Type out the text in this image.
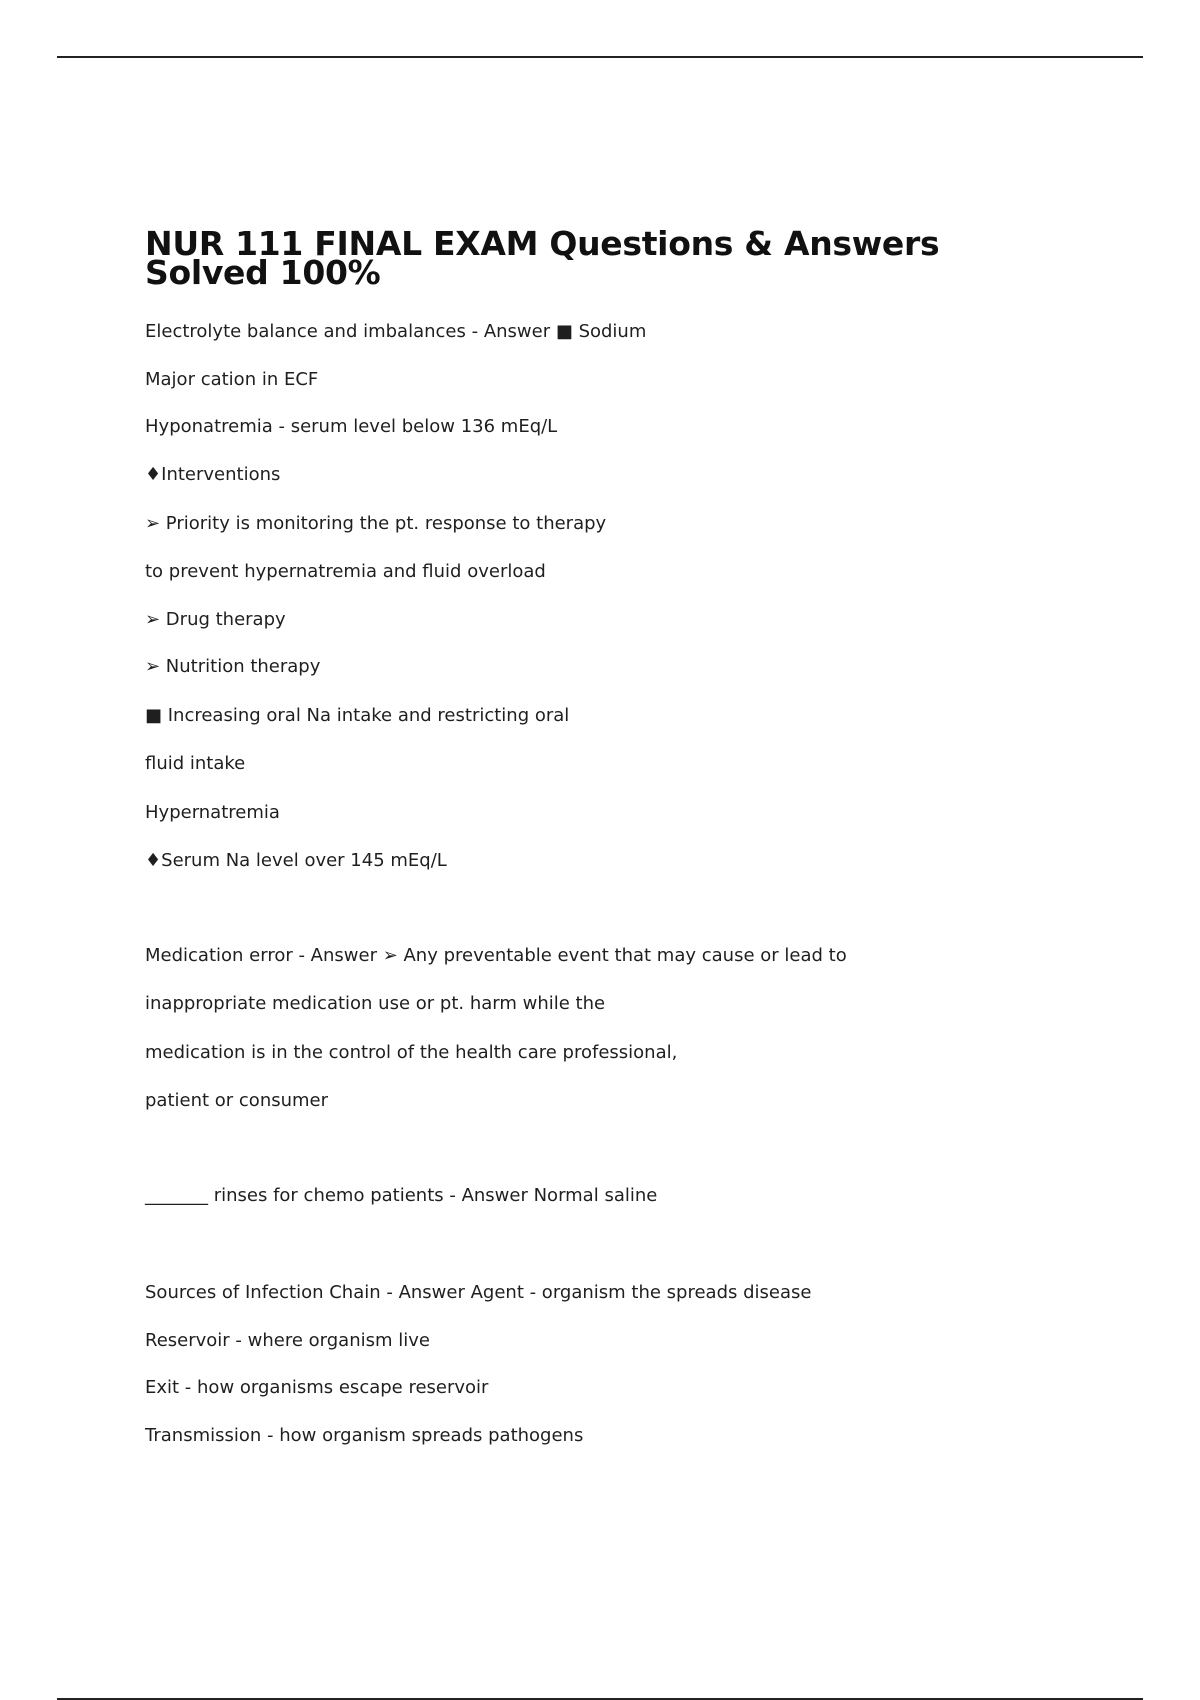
NUR 111 FINAL EXAM Questions & Answers Solved 100%

Electrolyte balance and imbalances - Answer ■ Sodium

Major cation in ECF

Hyponatremia - serum level below 136 mEq/L

♦Interventions

➢ Priority is monitoring the pt. response to therapy

to prevent hypernatremia and fluid overload

➢ Drug therapy

➢ Nutrition therapy

■ Increasing oral Na intake and restricting oral

fluid intake

Hypernatremia

♦Serum Na level over 145 mEq/L

Medication error - Answer ➢ Any preventable event that may cause or lead to

inappropriate medication use or pt. harm while the

medication is in the control of the health care professional,

patient or consumer

_______ rinses for chemo patients - Answer Normal saline

Sources of Infection Chain - Answer Agent - organism the spreads disease

Reservoir - where organism live

Exit - how organisms escape reservoir

Transmission - how organism spreads pathogens
